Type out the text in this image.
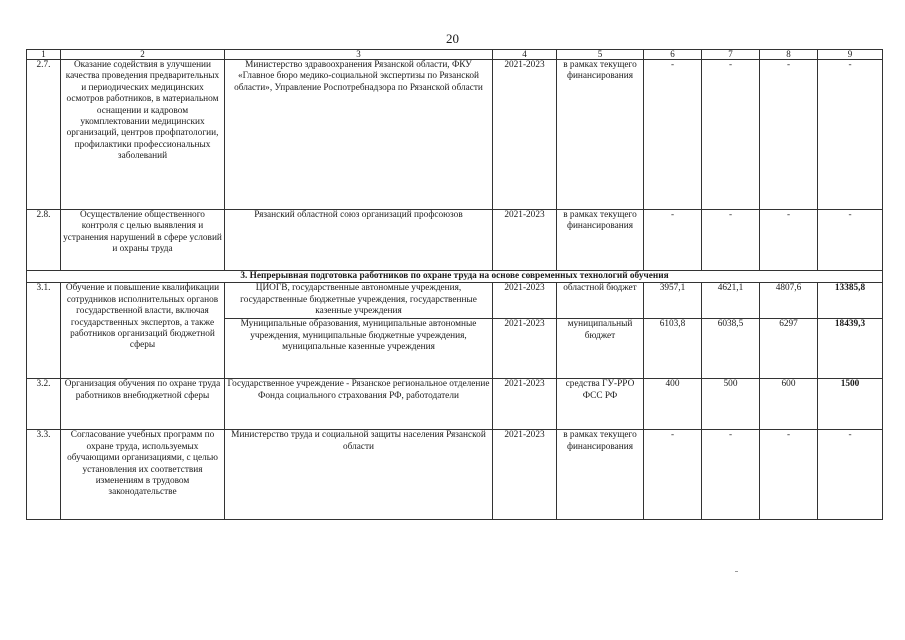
20
1	2	3	4	5	6	7	8	9
2.7.	Оказание содействия в улучшении качества проведения предварительных и периодических медицинских осмотров работников, в материальном оснащении и кадровом укомплектовании медицинских организаций, центров профпатологии, профилактики профессиональных заболеваний	Министерство здравоохранения Рязанской области, ФКУ «Главное бюро медико-социальной экспертизы по Рязанской области», Управление Роспотребнадзора по Рязанской области	2021-2023	в рамках текущего финансирования	-	-	-	-
2.8.	Осуществление общественного контроля с целью выявления и устранения нарушений в сфере условий и охраны труда	Рязанский областной союз организаций профсоюзов	2021-2023	в рамках текущего финансирования	-	-	-	-
3. Непрерывная подготовка работников по охране труда на основе современных технологий обучения								
3.1.	Обучение и повышение квалификации сотрудников исполнительных органов государственной власти, включая государственных экспертов, а также работников организаций бюджетной сферы	ЦИОГВ, государственные автономные учреждения, государственные бюджетные учреждения, государственные казенные учреждения	2021-2023	областной бюджет	3957,1	4621,1	4807,6	13385,8
		Муниципальные образования, муниципальные автономные учреждения, муниципальные бюджетные учреждения, муниципальные казенные учреждения	2021-2023	муниципальный бюджет	6103,8	6038,5	6297	18439,3
3.2.	Организация обучения по охране труда работников внебюджетной сферы	Государственное учреждение - Рязанское региональное отделение Фонда социального страхования РФ, работодатели	2021-2023	средства ГУ-РРО ФСС РФ	400	500	600	1500
3.3.	Согласование учебных программ по охране труда, используемых обучающими организациями, с целью установления их соответствия изменениям в трудовом законодательстве	Министерство труда и социальной защиты населения Рязанской области	2021-2023	в рамках текущего финансирования	-	-	-	-
